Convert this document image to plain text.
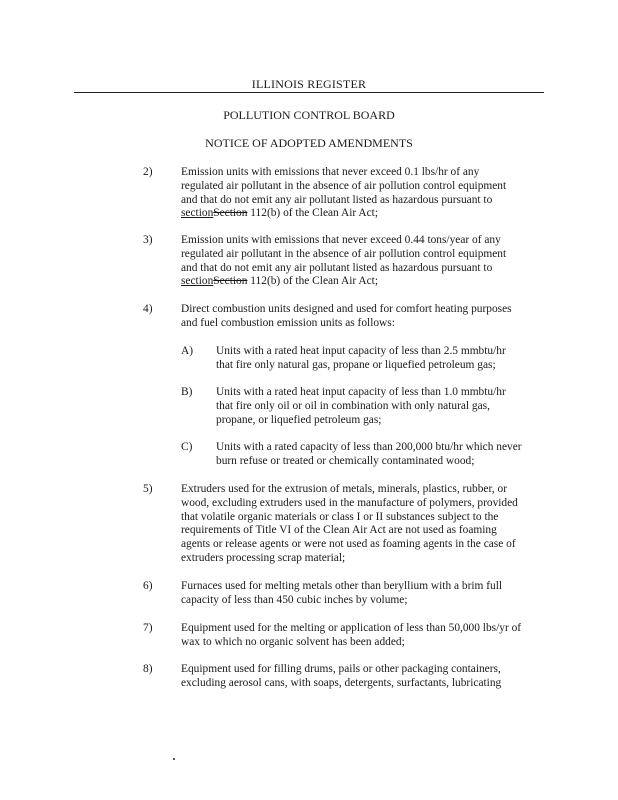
ILLINOIS REGISTER
POLLUTION CONTROL BOARD
NOTICE OF ADOPTED AMENDMENTS
2)	Emission units with emissions that never exceed 0.1 lbs/hr of any
regulated air pollutant in the absence of air pollution control equipment
and that do not emit any air pollutant listed as hazardous pursuant to
sectionSection 112(b) of the Clean Air Act;
3)	Emission units with emissions that never exceed 0.44 tons/year of any
regulated air pollutant in the absence of air pollution control equipment
and that do not emit any air pollutant listed as hazardous pursuant to
sectionSection 112(b) of the Clean Air Act;
4)	Direct combustion units designed and used for comfort heating purposes
and fuel combustion emission units as follows:
A) Units with a rated heat input capacity of less than 2.5 mmbtu/hr
that fire only natural gas, propane or liquefied petroleum gas;
B) Units with a rated heat input capacity of less than 1.0 mmbtu/hr
that fire only oil or oil in combination with only natural gas,
propane, or liquefied petroleum gas;
C) Units with a rated capacity of less than 200,000 btu/hr which never
burn refuse or treated or chemically contaminated wood;
5)	Extruders used for the extrusion of metals, minerals, plastics, rubber, or
wood, excluding extruders used in the manufacture of polymers, provided
that volatile organic materials or class I or II substances subject to the
requirements of Title VI of the Clean Air Act are not used as foaming
agents or release agents or were not used as foaming agents in the case of
extruders processing scrap material;
6)	Furnaces used for melting metals other than beryllium with a brim full
capacity of less than 450 cubic inches by volume;
7)	Equipment used for the melting or application of less than 50,000 lbs/yr of
wax to which no organic solvent has been added;
8)	Equipment used for filling drums, pails or other packaging containers,
excluding aerosol cans, with soaps, detergents, surfactants, lubricating
